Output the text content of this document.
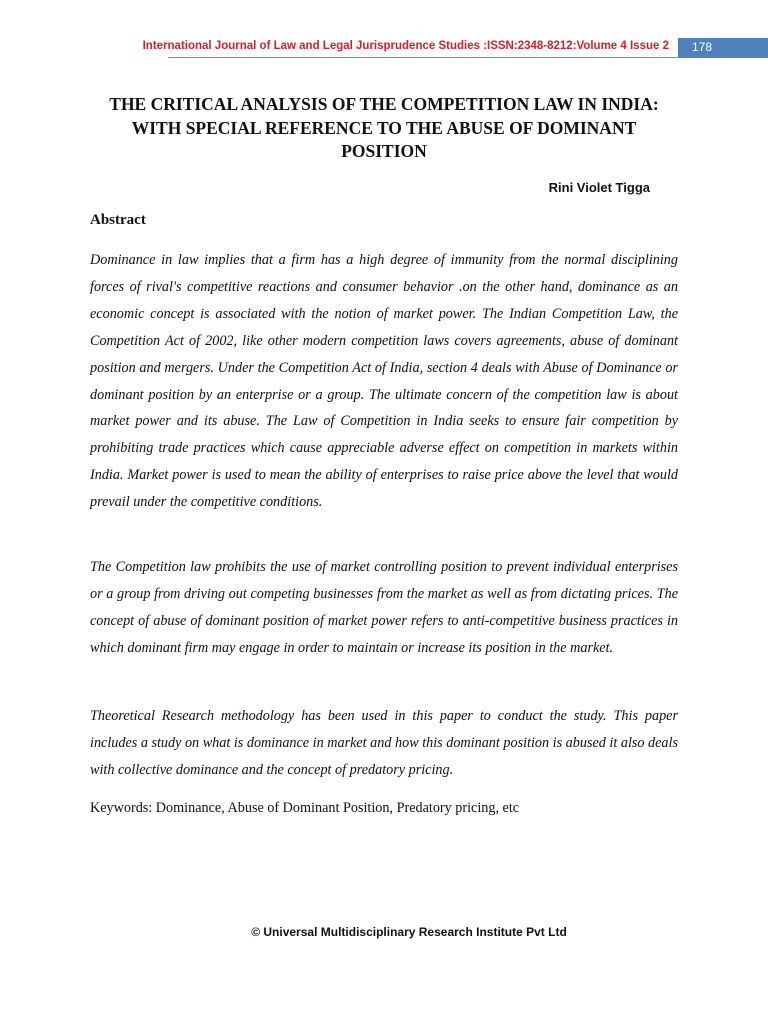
International Journal of Law and Legal Jurisprudence Studies :ISSN:2348-8212:Volume 4 Issue 2 178
THE CRITICAL ANALYSIS OF THE COMPETITION LAW IN INDIA:
WITH SPECIAL REFERENCE TO THE ABUSE OF DOMINANT
POSITION
Rini Violet Tigga
Abstract

Dominance in law implies that a firm has a high degree of immunity from the normal disciplining forces of rival's competitive reactions and consumer behavior .on the other hand, dominance as an economic concept is associated with the notion of market power. The Indian Competition Law, the Competition Act of 2002, like other modern competition laws covers agreements, abuse of dominant position and mergers. Under the Competition Act of India, section 4 deals with Abuse of Dominance or dominant position by an enterprise or a group. The ultimate concern of the competition law is about market power and its abuse. The Law of Competition in India seeks to ensure fair competition by prohibiting trade practices which cause appreciable adverse effect on competition in markets within India. Market power is used to mean the ability of enterprises to raise price above the level that would prevail under the competitive conditions.

The Competition law prohibits the use of market controlling position to prevent individual enterprises or a group from driving out competing businesses from the market as well as from dictating prices. The concept of abuse of dominant position of market power refers to anti-competitive business practices in which dominant firm may engage in order to maintain or increase its position in the market.

Theoretical Research methodology has been used in this paper to conduct the study. This paper includes a study on what is dominance in market and how this dominant position is abused it also deals with collective dominance and the concept of predatory pricing.

Keywords: Dominance, Abuse of Dominant Position, Predatory pricing, etc

© Universal Multidisciplinary Research Institute Pvt Ltd
